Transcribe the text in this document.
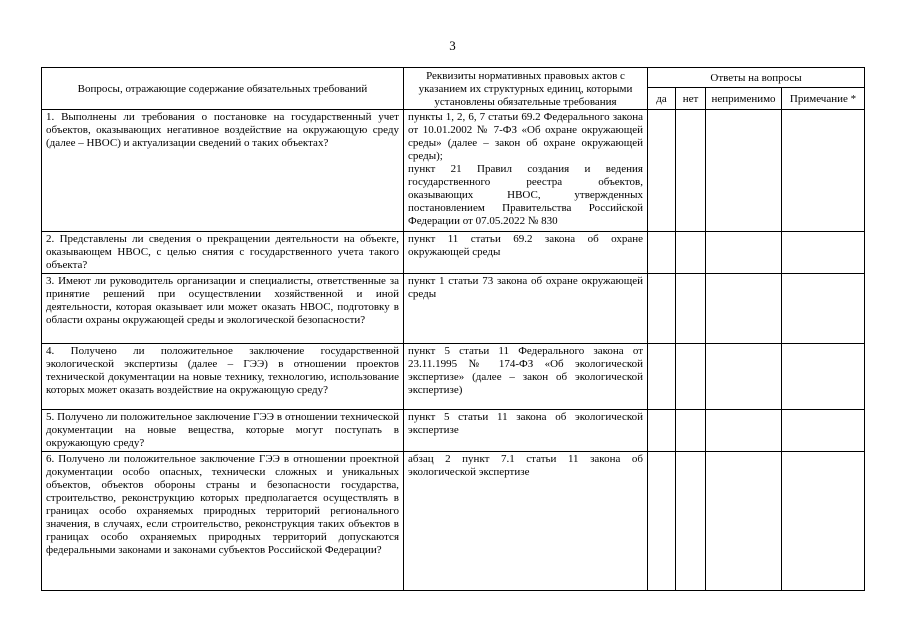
3
Вопросы, отражающие содержание обязательных требований	Реквизиты нормативных правовых актов с указанием их структурных единиц, которыми установлены обязательные требования	Ответы на вопросы			
		да	нет	неприменимо	Примечание *
1. Выполнены ли требования о постановке на государственный учет объектов, оказывающих негативное воздействие на окружающую среду (далее – НВОС) и актуализации сведений о таких объектах?	пункты 1, 2, 6, 7 статьи 69.2 Федерального закона от 10.01.2002 № 7-ФЗ «Об охране окружающей среды» (далее – закон об охране окружающей среды);
пункт 21 Правил создания и ведения государственного реестра объектов, оказывающих НВОС, утвержденных постановлением Правительства Российской Федерации от 07.05.2022 № 830				
2. Представлены ли сведения о прекращении деятельности на объекте, оказывающем НВОС, с целью снятия с государственного учета такого объекта?	пункт 11 статьи 69.2 закона об охране окружающей среды				
3. Имеют ли руководитель организации и специалисты, ответственные за принятие решений при осуществлении хозяйственной и иной деятельности, которая оказывает или может оказать НВОС, подготовку в области охраны окружающей среды и экологической безопасности?	пункт 1 статьи 73 закона об охране окружающей среды				
4. Получено ли положительное заключение государственной экологической экспертизы (далее – ГЭЭ) в отношении проектов технической документации на новые технику, технологию, использование которых может оказать воздействие на окружающую среду?	пункт 5 статьи 11 Федерального закона от 23.11.1995 № 174-ФЗ «Об экологической экспертизе» (далее – закон об экологической экспертизе)				
5. Получено ли положительное заключение ГЭЭ в отношении технической документации на новые вещества, которые могут поступать в окружающую среду?	пункт 5 статьи 11 закона об экологической экспертизе				
6. Получено ли положительное заключение ГЭЭ в отношении проектной документации особо опасных, технически сложных и уникальных объектов, объектов обороны страны и безопасности государства, строительство, реконструкцию которых предполагается осуществлять в границах особо охраняемых природных территорий регионального значения, в случаях, если строительство, реконструкция таких объектов в границах особо охраняемых природных территорий допускаются федеральными законами и законами субъектов Российской Федерации?	абзац 2 пункт 7.1 статьи 11 закона об экологической экспертизе				
